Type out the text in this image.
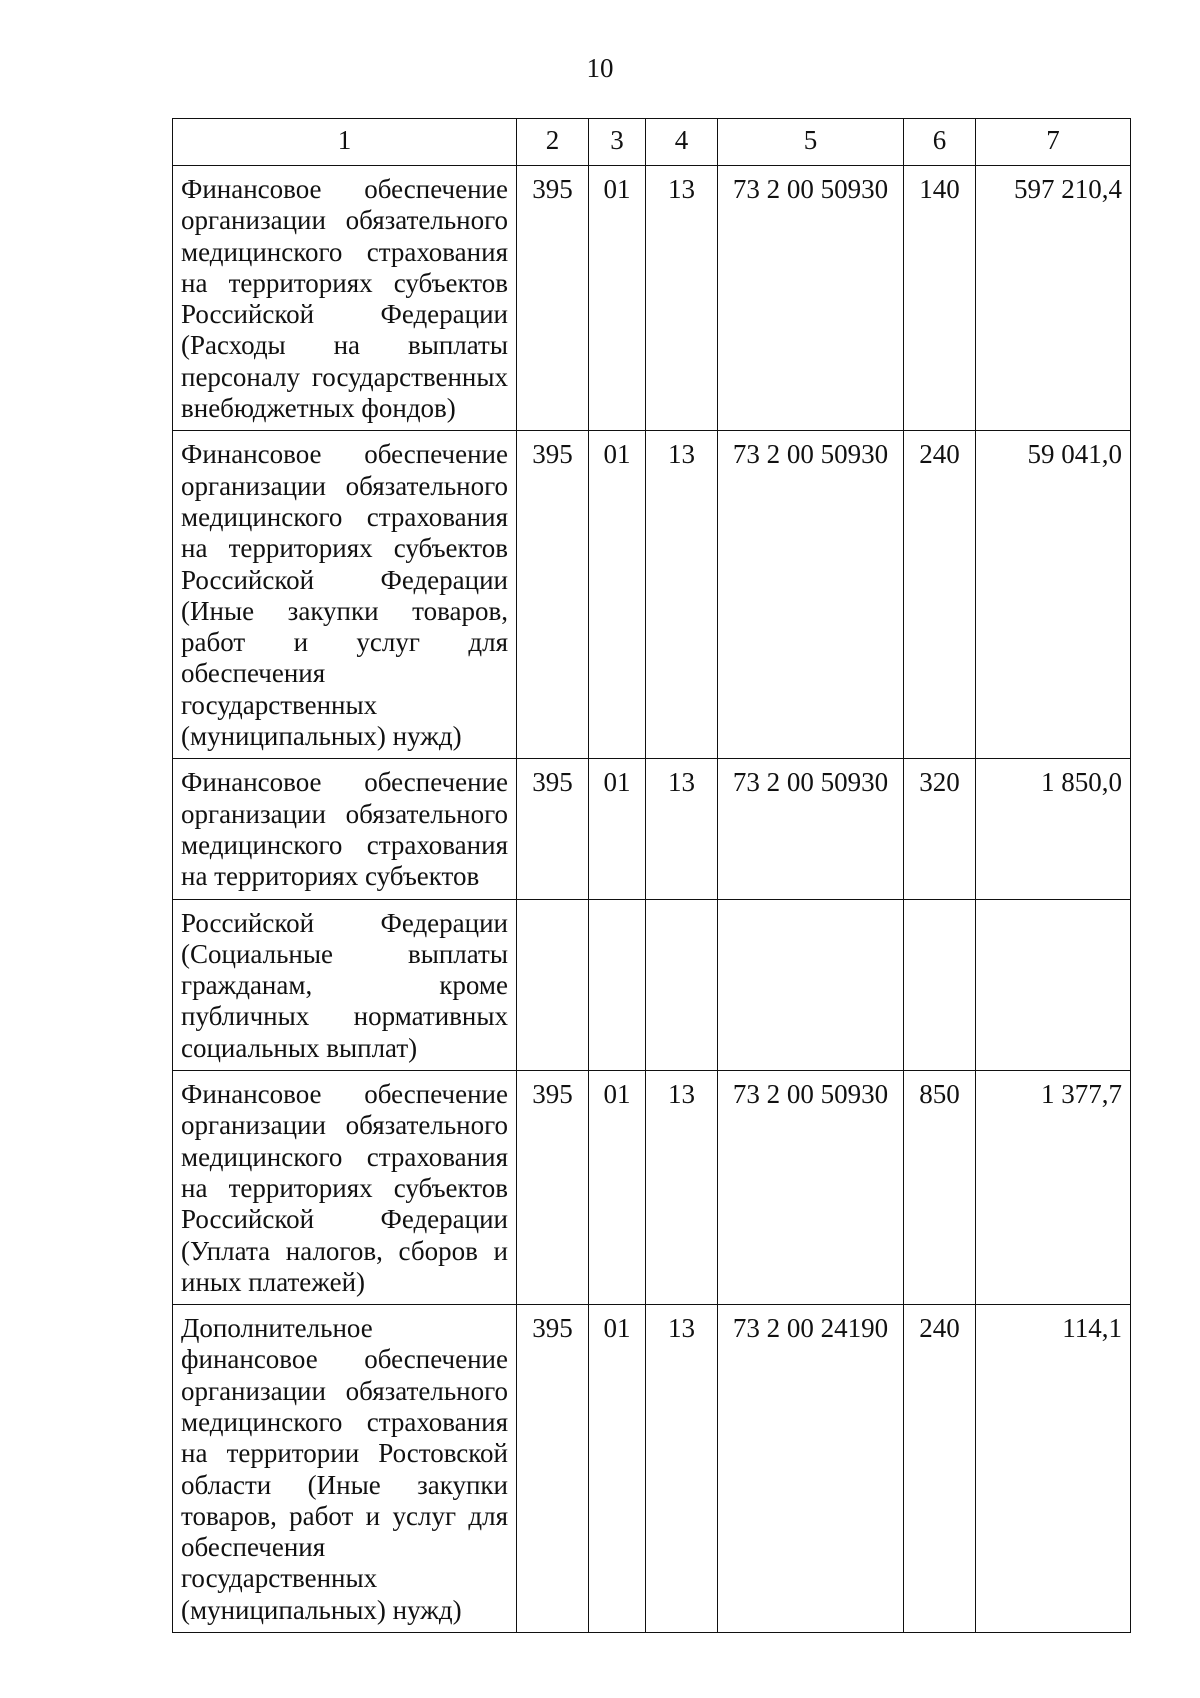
10
1	2	3	4	5	6	7
Финансовое обеспечение организации обязательного медицинского страхования на территориях субъектов Российской Федерации (Расходы на выплаты персоналу государственных внебюджетных фондов)	395	01	13	73 2 00 50930	140	597 210,4
Финансовое обеспечение организации обязательного медицинского страхования на территориях субъектов Российской Федерации (Иные закупки товаров, работ и услуг для обеспечения государственных (муниципальных) нужд)	395	01	13	73 2 00 50930	240	59 041,0
Финансовое обеспечение организации обязательного медицинского страхования на территориях субъектов	395	01	13	73 2 00 50930	320	1 850,0
Российской Федерации (Социальные выплаты гражданам, кроме публичных нормативных социальных выплат)						
Финансовое обеспечение организации обязательного медицинского страхования на территориях субъектов Российской Федерации (Уплата налогов, сборов и иных платежей)	395	01	13	73 2 00 50930	850	1 377,7
Дополнительное финансовое обеспечение организации обязательного медицинского страхования на территории Ростовской области (Иные закупки товаров, работ и услуг для обеспечения государственных (муниципальных) нужд)	395	01	13	73 2 00 24190	240	114,1
